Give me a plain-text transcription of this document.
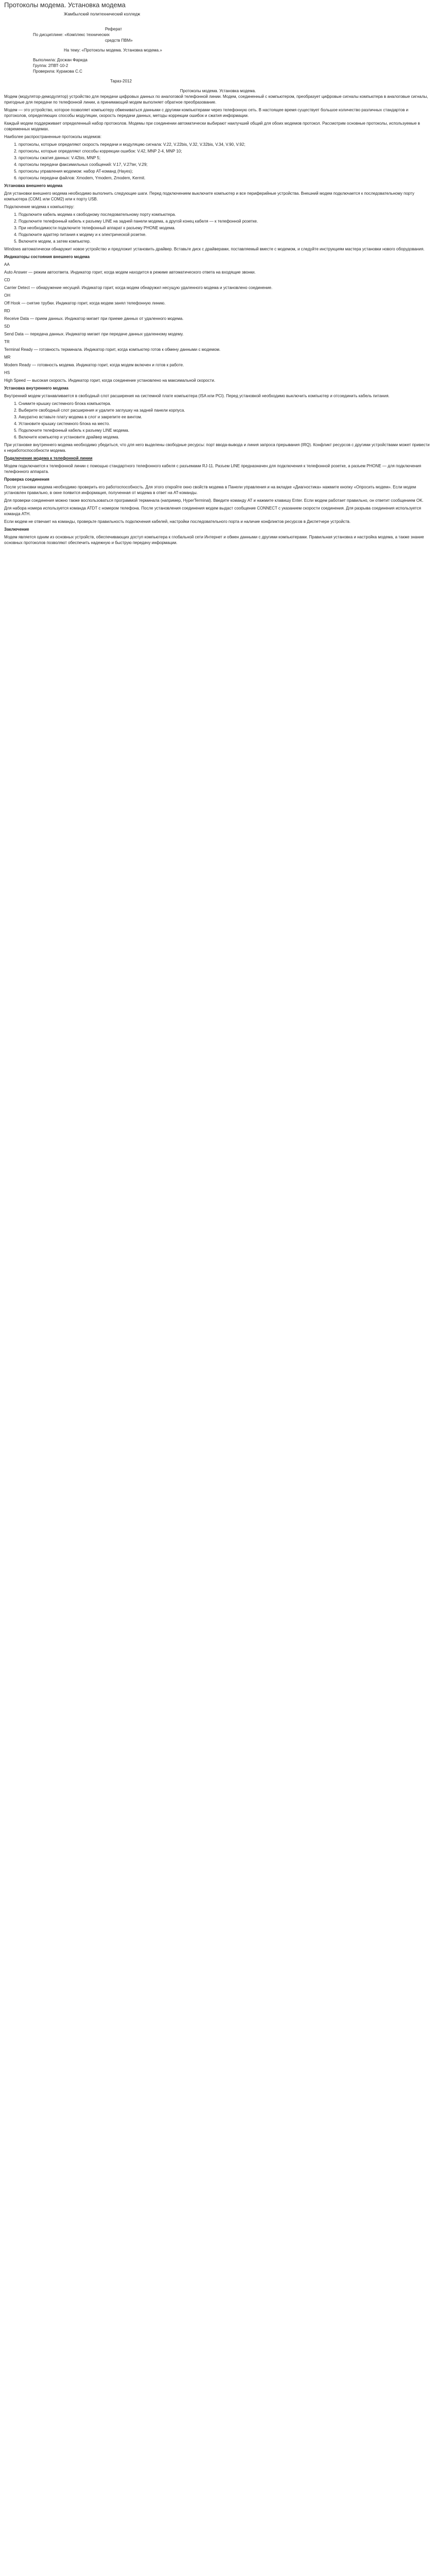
Протоколы модема. Установка модема
Жамбылский политехнический колледж
Реферат
По дисциплине: «Комплекс технических
средств ПВМ»
На тему: «Протоколы модема. Установка модема.»
Выполнила: Досжан Фарида
Группа: 2ПВТ-10-2
Проверила: Куракова С.С
Тараз-2012
Протоколы модема. Установка модема.

Модем (модулятор-демодулятор) устройство для передачи цифровых данных по аналоговой телефонной линии. Модем, соединенный с компьютером, преобразует цифровые сигналы компьютера в аналоговые сигналы, пригодные для передачи по телефонной линии, а принимающий модем выполняет обратное преобразование.

Модем — это устройство, которое позволяет компьютеру обмениваться данными с другими компьютерами через телефонную сеть. В настоящее время существует большое количество различных стандартов и протоколов, определяющих способы модуляции, скорость передачи данных, методы коррекции ошибок и сжатия информации.

Каждый модем поддерживает определенный набор протоколов. Модемы при соединении автоматически выбирают наилучший общий для обоих модемов протокол. Рассмотрим основные протоколы, используемые в современных модемах.

Наиболее распространенные протоколы модемов:

1. протоколы, которые определяют скорость передачи и модуляцию сигнала: V.22, V.22bis, V.32, V.32bis, V.34, V.90, V.92;
2. протоколы, которые определяют способы коррекции ошибок: V.42, MNP 2-4, MNP 10;
3. протоколы сжатия данных: V.42bis, MNP 5;
4. протоколы передачи факсимильных сообщений: V.17, V.27ter, V.29;
5. протоколы управления модемом: набор AT-команд (Hayes);
6. протоколы передачи файлов: Xmodem, Ymodem, Zmodem, Kermit.

Установка внешнего модема

Для установки внешнего модема необходимо выполнить следующие шаги. Перед подключением выключите компьютер и все периферийные устройства. Внешний модем подключается к последовательному порту компьютера (COM1 или COM2) или к порту USB.

Подключение модема к компьютеру:

1. Подключите кабель модема к свободному последовательному порту компьютера.
2. Подключите телефонный кабель к разъему LINE на задней панели модема, а другой конец кабеля — к телефонной розетке.
3. При необходимости подключите телефонный аппарат к разъему PHONE модема.
4. Подключите адаптер питания к модему и к электрической розетке.
5. Включите модем, а затем компьютер.

Windows автоматически обнаружит новое устройство и предложит установить драйвер. Вставьте диск с драйверами, поставляемый вместе с модемом, и следуйте инструкциям мастера установки нового оборудования.

Индикаторы состояния внешнего модема

AA

Auto Answer — режим автоответа. Индикатор горит, когда модем находится в режиме автоматического ответа на входящие звонки.

CD

Carrier Detect — обнаружение несущей. Индикатор горит, когда модем обнаружил несущую удаленного модема и установлено соединение.

OH

Off Hook — снятие трубки. Индикатор горит, когда модем занял телефонную линию.

RD

Receive Data — прием данных. Индикатор мигает при приеме данных от удаленного модема.

SD

Send Data — передача данных. Индикатор мигает при передаче данных удаленному модему.

TR

Terminal Ready — готовность терминала. Индикатор горит, когда компьютер готов к обмену данными с модемом.

MR

Modem Ready — готовность модема. Индикатор горит, когда модем включен и готов к работе.

HS

High Speed — высокая скорость. Индикатор горит, когда соединение установлено на максимальной скорости.

Установка внутреннего модема

Внутренний модем устанавливается в свободный слот расширения на системной плате компьютера (ISA или PCI). Перед установкой необходимо выключить компьютер и отсоединить кабель питания.

1. Снимите крышку системного блока компьютера.
2. Выберите свободный слот расширения и удалите заглушку на задней панели корпуса.
3. Аккуратно вставьте плату модема в слот и закрепите ее винтом.
4. Установите крышку системного блока на место.
5. Подключите телефонный кабель к разъему LINE модема.
6. Включите компьютер и установите драйвер модема.

При установке внутреннего модема необходимо убедиться, что для него выделены свободные ресурсы: порт ввода-вывода и линия запроса прерывания (IRQ). Конфликт ресурсов с другими устройствами может привести к неработоспособности модема.

Подключение модема к телефонной линии

Модем подключается к телефонной линии с помощью стандартного телефонного кабеля с разъемами RJ-11. Разъем LINE предназначен для подключения к телефонной розетке, а разъем PHONE — для подключения телефонного аппарата.

Проверка соединения

После установки модема необходимо проверить его работоспособность. Для этого откройте окно свойств модема в Панели управления и на вкладке «Диагностика» нажмите кнопку «Опросить модем». Если модем установлен правильно, в окне появится информация, полученная от модема в ответ на AT-команды.

Для проверки соединения можно также воспользоваться программой терминала (например, HyperTerminal). Введите команду AT и нажмите клавишу Enter. Если модем работает правильно, он ответит сообщением OK.

Для набора номера используется команда ATDT с номером телефона. После установления соединения модем выдаст сообщение CONNECT с указанием скорости соединения. Для разрыва соединения используется команда ATH.

Если модем не отвечает на команды, проверьте правильность подключения кабелей, настройки последовательного порта и наличие конфликтов ресурсов в Диспетчере устройств.

Заключение

Модем является одним из основных устройств, обеспечивающих доступ компьютера к глобальной сети Интернет и обмен данными с другими компьютерами. Правильная установка и настройка модема, а также знание основных протоколов позволяют обеспечить надежную и быструю передачу информации.
